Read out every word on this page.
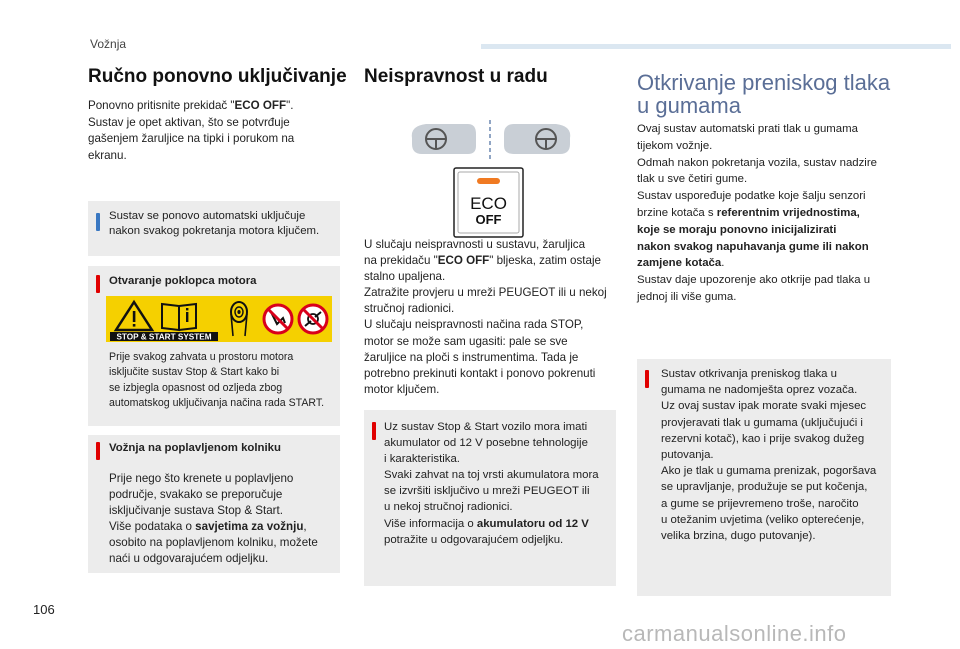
Vožnja
106
carmanualsonline.info
Ručno ponovno uključivanje
Ponovno pritisnite prekidač "ECO OFF".
Sustav je opet aktivan, što se potvrđuje
gašenjem žaruljice na tipki i porukom na
ekranu.
Sustav se ponovo automatski uključuje
nakon svakog pokretanja motora ključem.
Otvaranje poklopca motora
Prije svakog zahvata u prostoru motora
isključite sustav Stop & Start kako bi
se izbjegla opasnost od ozljeda zbog
automatskog uključivanja načina rada START.
STOP & START SYSTEM
Vožnja na poplavljenom kolniku
Prije nego što krenete u poplavljeno
područje, svakako se preporučuje
isključivanje sustava Stop & Start.
Više podataka o savjetima za vožnju,
osobito na poplavljenom kolniku, možete
naći u odgovarajućem odjeljku.
Neispravnost u radu
ECO
OFF
U slučaju neispravnosti u sustavu, žaruljica
na prekidaču "ECO OFF" bljeska, zatim ostaje
stalno upaljena.
Zatražite provjeru u mreži PEUGEOT ili u nekoj
stručnoj radionici.
U slučaju neispravnosti načina rada STOP,
motor se može sam ugasiti: pale se sve
žaruljice na ploči s instrumentima. Tada je
potrebno prekinuti kontakt i ponovo pokrenuti
motor ključem.
Uz sustav Stop & Start vozilo mora imati
akumulator od 12 V posebne tehnologije
i karakteristika.
Svaki zahvat na toj vrsti akumulatora mora
se izvršiti isključivo u mreži PEUGEOT ili
u nekoj stručnoj radionici.
Više informacija o akumulatoru od 12 V
potražite u odgovarajućem odjeljku.
Otkrivanje preniskog tlaka
u gumama
Ovaj sustav automatski prati tlak u gumama
tijekom vožnje.
Odmah nakon pokretanja vozila, sustav nadzire
tlak u sve četiri gume.
Sustav uspoređuje podatke koje šalju senzori
brzine kotača s referentnim vrijednostima,
koje se moraju ponovno inicijalizirati
nakon svakog napuhavanja gume ili nakon
zamjene kotača.
Sustav daje upozorenje ako otkrije pad tlaka u
jednoj ili više guma.
Sustav otkrivanja preniskog tlaka u
gumama ne nadomješta oprez vozača.
Uz ovaj sustav ipak morate svaki mjesec
provjeravati tlak u gumama (uključujući i
rezervni kotač), kao i prije svakog dužeg
putovanja.
Ako je tlak u gumama prenizak, pogoršava
se upravljanje, produžuje se put kočenja,
a gume se prijevremeno troše, naročito
u otežanim uvjetima (veliko opterećenje,
velika brzina, dugo putovanje).
